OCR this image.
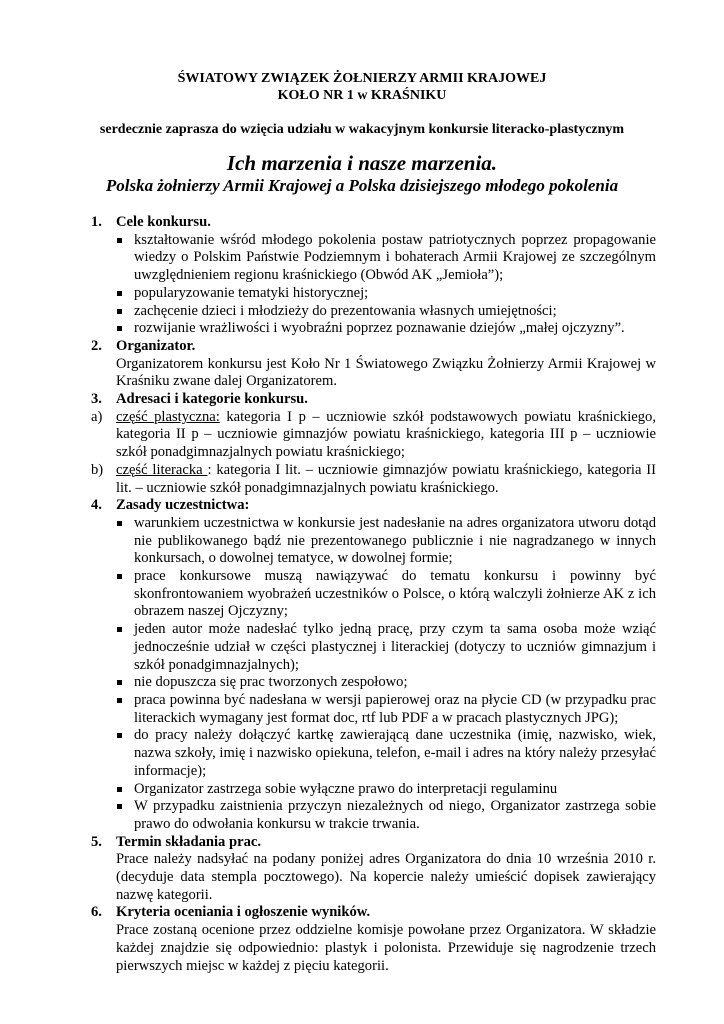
ŚWIATOWY ZWIĄZEK ŻOŁNIERZY ARMII KRAJOWEJ
KOŁO NR 1 w KRAŚNIKU
serdecznie zaprasza do wzięcia udziału w wakacyjnym konkursie literacko-plastycznym
Ich marzenia i nasze marzenia.
Polska żołnierzy Armii Krajowej a Polska dzisiejszego młodego pokolenia
1. Cele konkursu.
kształtowanie wśród młodego pokolenia postaw patriotycznych poprzez propagowanie wiedzy o Polskim Państwie Podziemnym i bohaterach Armii Krajowej ze szczególnym uwzględnieniem regionu kraśnickiego (Obwód AK „Jemioła”);
popularyzowanie tematyki historycznej;
zachęcenie dzieci i młodzieży do prezentowania własnych umiejętności;
rozwijanie wrażliwości i wyobraźni poprzez poznawanie dziejów „małej ojczyzny”.
2. Organizator.
Organizatorem konkursu jest Koło Nr 1 Światowego Związku Żołnierzy Armii Krajowej w Kraśniku zwane dalej Organizatorem.
3. Adresaci i kategorie konkursu.
a) część plastyczna: kategoria I p – uczniowie szkół podstawowych powiatu kraśnickiego, kategoria II p – uczniowie gimnazjów powiatu kraśnickiego, kategoria III p – uczniowie szkół ponadgimnazjalnych powiatu kraśnickiego;
b) część literacka : kategoria I lit. – uczniowie gimnazjów powiatu kraśnickiego, kategoria II lit. – uczniowie szkół ponadgimnazjalnych powiatu kraśnickiego.
4. Zasady uczestnictwa:
warunkiem uczestnictwa w konkursie jest nadesłanie na adres organizatora utworu dotąd nie publikowanego bądź nie prezentowanego publicznie i nie nagradzanego w innych konkursach, o dowolnej tematyce, w dowolnej formie;
prace konkursowe muszą nawiązywać do tematu konkursu i powinny być skonfrontowaniem wyobrażeń uczestników o Polsce, o którą walczyli żołnierze AK z ich obrazem naszej Ojczyzny;
jeden autor może nadesłać tylko jedną pracę, przy czym ta sama osoba może wziąć jednocześnie udział w części plastycznej i literackiej (dotyczy to uczniów gimnazjum i szkół ponadgimnazjalnych);
nie dopuszcza się prac tworzonych zespołowo;
praca powinna być nadesłana w wersji papierowej oraz na płycie CD (w przypadku prac literackich wymagany jest format doc, rtf lub PDF a w pracach plastycznych JPG);
do pracy należy dołączyć kartkę zawierającą dane uczestnika (imię, nazwisko, wiek, nazwa szkoły, imię i nazwisko opiekuna, telefon, e-mail i adres na który należy przesyłać informacje);
Organizator zastrzega sobie wyłączne prawo do interpretacji regulaminu
W przypadku zaistnienia przyczyn niezależnych od niego, Organizator zastrzega sobie prawo do odwołania konkursu w trakcie trwania.
5. Termin składania prac.
Prace należy nadsyłać na podany poniżej adres Organizatora do dnia 10 września 2010 r. (decyduje data stempla pocztowego). Na kopercie należy umieścić dopisek zawierający nazwę kategorii.
6. Kryteria oceniania i ogłoszenie wyników.
Prace zostaną ocenione przez oddzielne komisje powołane przez Organizatora. W składzie każdej znajdzie się odpowiednio: plastyk i polonista. Przewiduje się nagrodzenie trzech pierwszych miejsc w każdej z pięciu kategorii.
